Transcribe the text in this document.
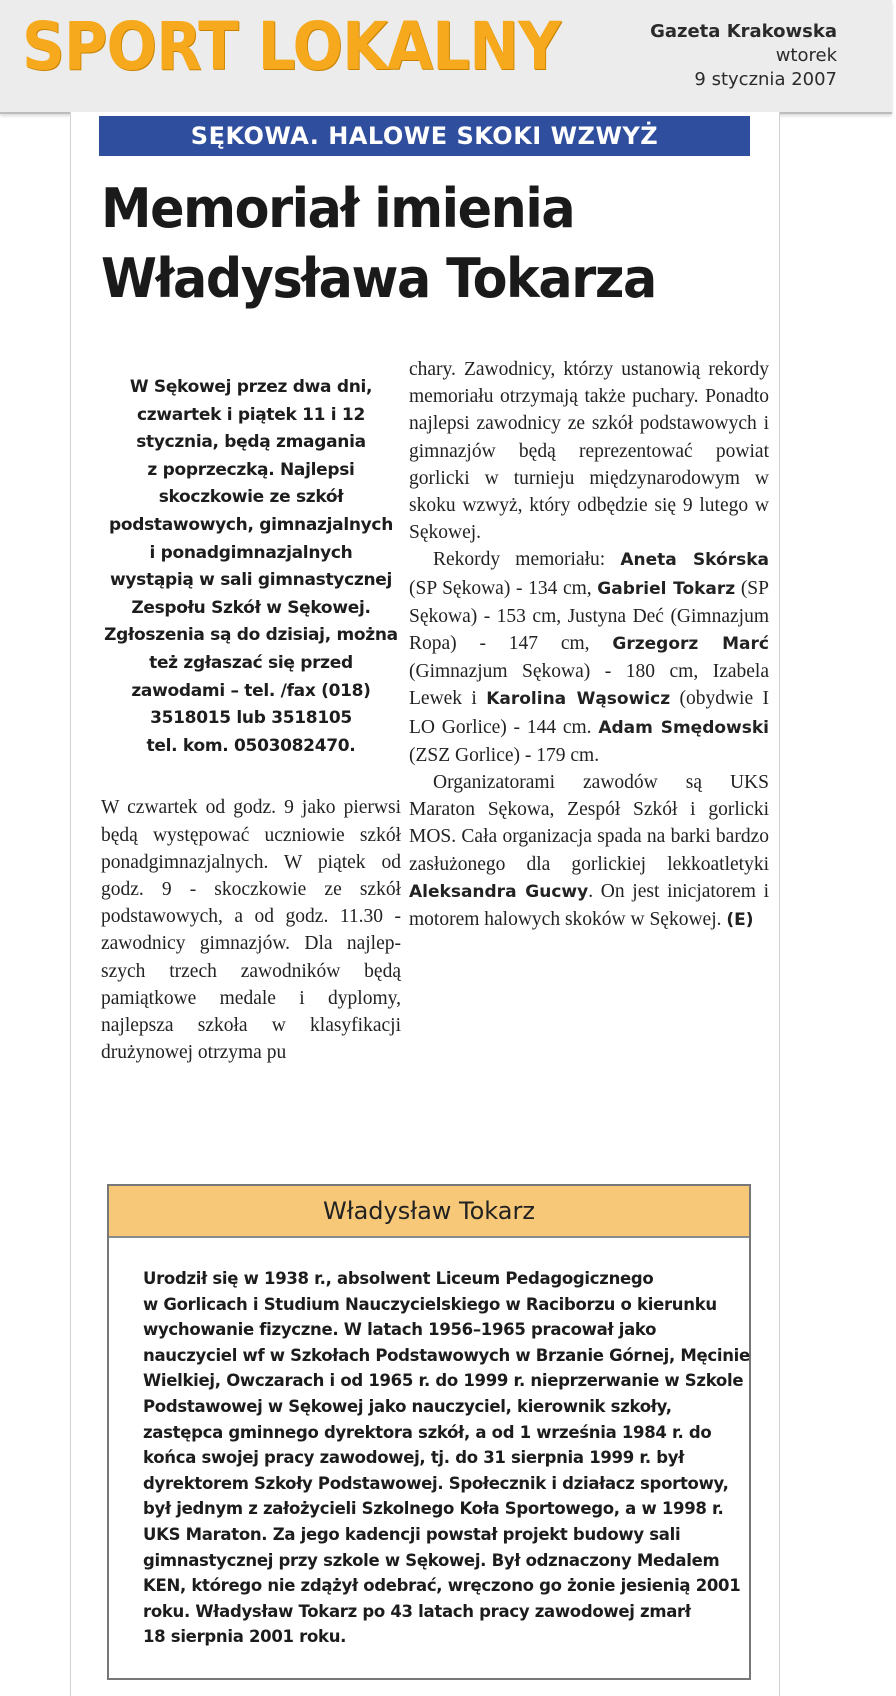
SPORT LOKALNY	Gazeta Krakowska
wtorek
9 stycznia 2007
SĘKOWA. HALOWE SKOKI WZWYŻ
Memoriał imienia
Władysława Tokarza
W Sękowej przez dwa dni,
czwartek i piątek 11 i 12
stycznia, będą zmagania
z poprzeczką. Najlepsi
skoczkowie ze szkół
podstawowych, gimnazjalnych
i ponadgimnazjalnych
wystąpią w sali gimnastycznej
Zespołu Szkół w Sękowej.
Zgłoszenia są do dzisiaj, można
też zgłaszać się przed
zawodami – tel. /fax (018)
3518015 lub 3518105
tel. kom. 0503082470.
W czwartek od godz. 9 jako pierwsi będą występować uczniowie szkół ponadgimnazjalnych. W piątek od godz. 9 - skoczkowie ze szkół podstawowych, a od godz. 11.30 - zawodnicy gimnazjów. Dla najlepszych trzech zawodników będą pamiątkowe medale i dyplomy, najlepsza szkoła w klasyfikacji drużynowej otrzyma pu
chary. Zawodnicy, którzy ustanowią rekordy memoriału otrzymają także puchary. Ponadto najlepsi zawodnicy ze szkół podstawowych i gimnazjów będą reprezentować powiat gorlicki w turnieju międzynarodowym w skoku wzwyż, który odbędzie się 9 lutego w Sękowej.
Rekordy memoriału: Aneta Skórska (SP Sękowa) - 134 cm, Gabriel Tokarz (SP Sękowa) - 153 cm, Justyna Deć (Gimnazjum Ropa) - 147 cm, Grzegorz Marć (Gimnazjum Sękowa) - 180 cm, Izabela Lewek i Karolina Wąsowicz (obydwie I LO Gorlice) - 144 cm. Adam Smędowski (ZSZ Gorlice) - 179 cm.
Organizatorami zawodów są UKS Maraton Sękowa, Zespół Szkół i gorlicki MOS. Cała organizacja spada na barki bardzo zasłużonego dla gorlickiej lekkoatletyki Aleksandra Gucwy. On jest inicjatorem i motorem halowych skoków w Sękowej. (E)
Władysław Tokarz
Urodził się w 1938 r., absolwent Liceum Pedagogicznego
w Gorlicach i Studium Nauczycielskiego w Raciborzu o kierunku
wychowanie fizyczne. W latach 1956–1965 pracował jako
nauczyciel wf w Szkołach Podstawowych w Brzanie Górnej, Męcinie
Wielkiej, Owczarach i od 1965 r. do 1999 r. nieprzerwanie w Szkole
Podstawowej w Sękowej jako nauczyciel, kierownik szkoły,
zastępca gminnego dyrektora szkół, a od 1 września 1984 r. do
końca swojej pracy zawodowej, tj. do 31 sierpnia 1999 r. był
dyrektorem Szkoły Podstawowej. Społecznik i działacz sportowy,
był jednym z założycieli Szkolnego Koła Sportowego, a w 1998 r.
UKS Maraton. Za jego kadencji powstał projekt budowy sali
gimnastycznej przy szkole w Sękowej. Był odznaczony Medalem
KEN, którego nie zdążył odebrać, wręczono go żonie jesienią 2001
roku. Władysław Tokarz po 43 latach pracy zawodowej zmarł
18 sierpnia 2001 roku.
